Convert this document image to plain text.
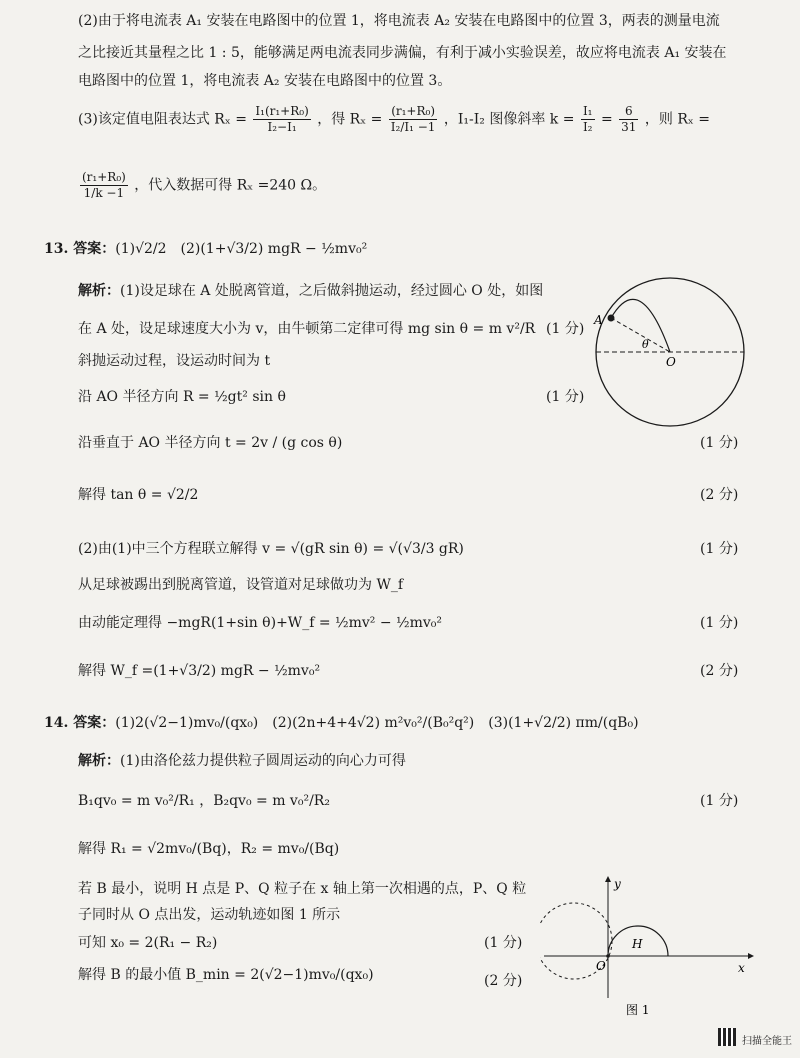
(2)由于将电流表 A₁ 安装在电路图中的位置 1，将电流表 A₂ 安装在电路图中的位置 3，两表的测量电流
之比接近其量程之比 1 : 5，能够满足两电流表同步满偏，有利于减小实验误差，故应将电流表 A₁ 安装在
电路图中的位置 1，将电流表 A₂ 安装在电路图中的位置 3。
(3)该定值电阻表达式 $R_x = \frac{\text{I₁(r₁+R₀)}}{\text{I₂−I₁}}$ ，得 $R_x = \frac{\text{(r₁+R₀)}}{\text{I₂/I₁ −1}}$ ，I₁-I₂ 图像斜率 $k = \frac{\text{I₁}}{\text{I₂}} = \frac{6}{31}$ ，则 Rₓ =
$\frac{\text{(r₁+R₀)}}{1/k -1}$ ，代入数据可得 Rₓ =240 Ω。
13. 答案：(1)√2/2　(2)(1+√3/2) mgR − ½mv₀²
解析：(1)设足球在 A 处脱离管道，之后做斜抛运动，经过圆心 O 处，如图
在 A 处，设足球速度大小为 v，由牛顿第二定律可得 mg sin θ = m v²/R (1 分)
斜抛运动过程，设运动时间为 t
沿 AO 半径方向 R = ½gt² sin θ	(1 分)
沿垂直于 AO 半径方向 t = 2v / (g cos θ)	(1 分)
解得 tan θ = √2/2	(2 分)
(2)由(1)中三个方程联立解得 v = √(gR sin θ) = √(√3/3 gR)	(1 分)
从足球被踢出到脱离管道，设管道对足球做功为 W_f
由动能定理得 −mgR(1+sin θ)+W_f = ½mv² − ½mv₀²	(1 分)
解得 W_f =(1+√3/2) mgR − ½mv₀²	(2 分)
A
θ
O
14. 答案：(1)2(√2−1)mv₀/(qx₀)　(2)(2n+4+4√2) m²v₀²/(B₀²q²)　(3)(1+√2/2) πm/(qB₀)
解析：(1)由洛伦兹力提供粒子圆周运动的向心力可得
B₁qv₀ = m v₀²/R₁ ，B₂qv₀ = m v₀²/R₂	(1 分)
解得 R₁ = √2mv₀/(Bq)，R₂ = mv₀/(Bq)
若 B 最小，说明 H 点是 P、Q 粒子在 x 轴上第一次相遇的点，P、Q 粒
子同时从 O 点出发，运动轨迹如图 1 所示
可知 x₀ = 2(R₁ − R₂)	(1 分)
解得 B 的最小值 B_min = 2(√2−1)mv₀/(qx₀)	(2 分)
y
x
O
H
图 1
扫描全能王
